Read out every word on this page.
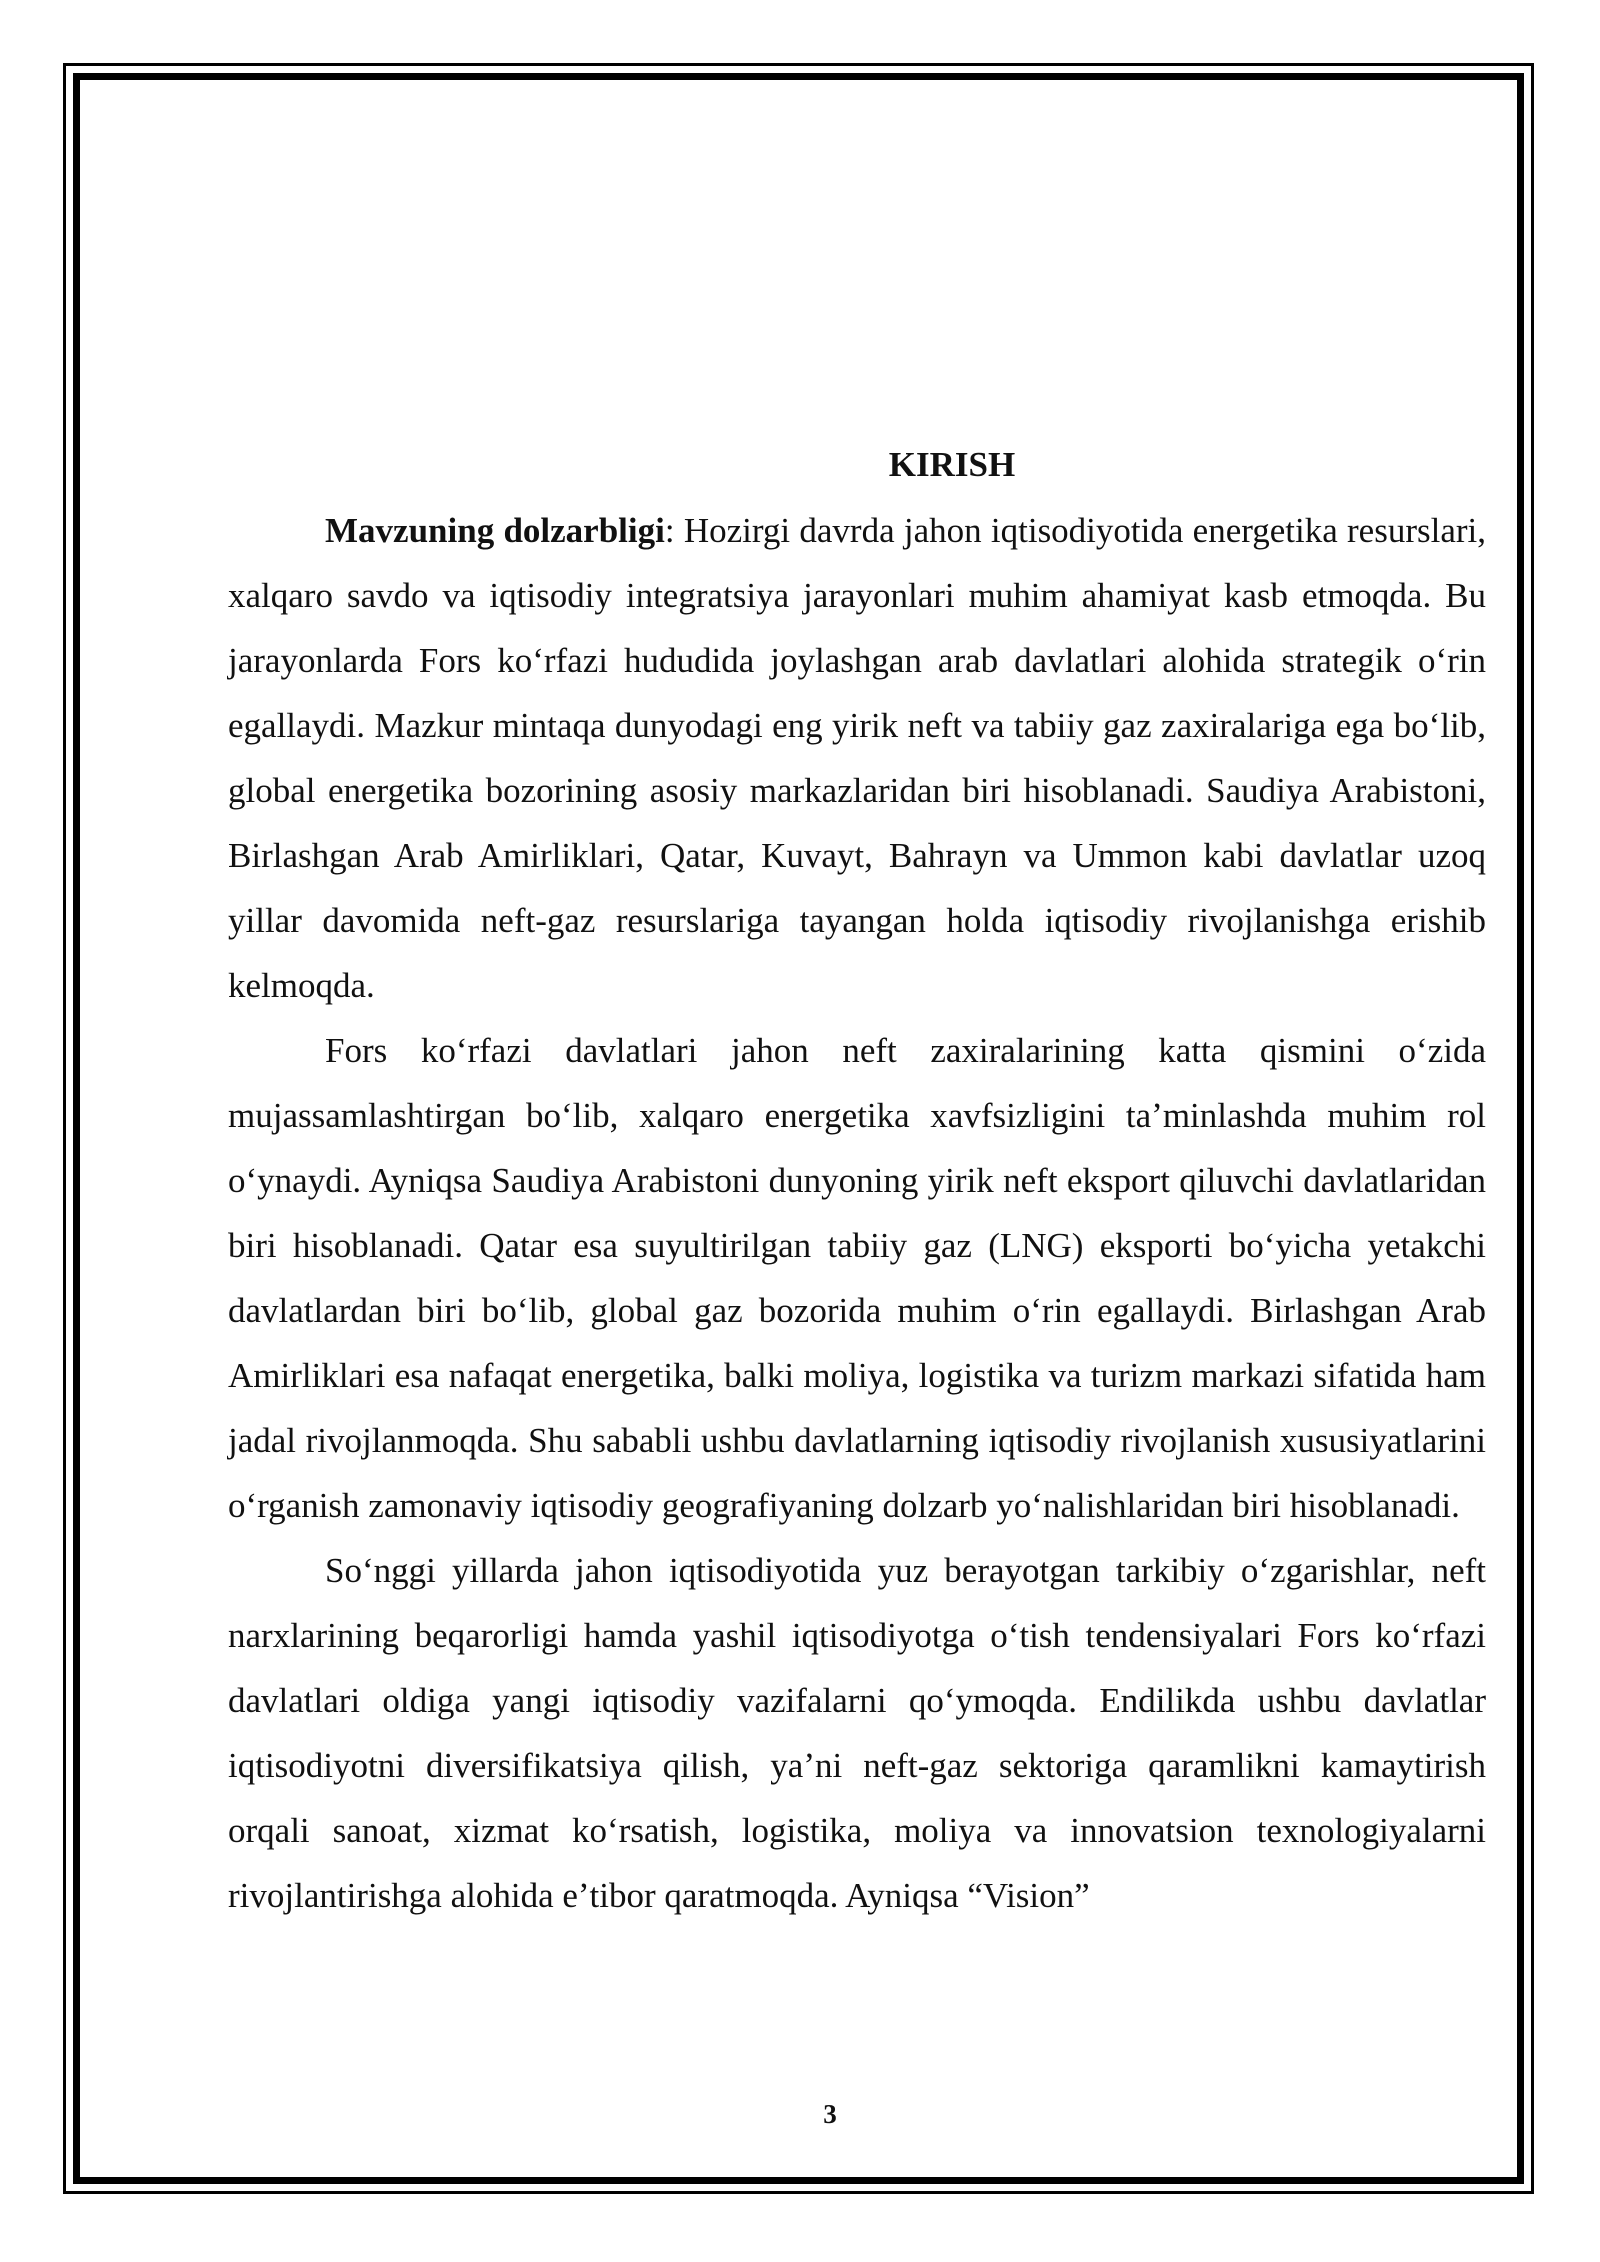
KIRISH

Mavzuning dolzarbligi: Hozirgi davrda jahon iqtisodiyotida energetika resurslari, xalqaro savdo va iqtisodiy integratsiya jarayonlari muhim ahamiyat kasb etmoqda. Bu jarayonlarda Fors koʻrfazi hududida joylashgan arab davlatlari alohida strategik oʻrin egallaydi. Mazkur mintaqa dunyodagi eng yirik neft va tabiiy gaz zaxiralariga ega boʻlib, global energetika bozorining asosiy markazlaridan biri hisoblanadi. Saudiya Arabistoni, Birlashgan Arab Amirliklari, Qatar, Kuvayt, Bahrayn va Ummon kabi davlatlar uzoq yillar davomida neft-gaz resurslariga tayangan holda iqtisodiy rivojlanishga erishib kelmoqda.

Fors koʻrfazi davlatlari jahon neft zaxiralarining katta qismini oʻzida mujassamlashtirgan boʻlib, xalqaro energetika xavfsizligini taʼminlashda muhim rol oʻynaydi. Ayniqsa Saudiya Arabistoni dunyoning yirik neft eksport qiluvchi davlatlaridan biri hisoblanadi. Qatar esa suyultirilgan tabiiy gaz (LNG) eksporti boʻyicha yetakchi davlatlardan biri boʻlib, global gaz bozorida muhim oʻrin egallaydi. Birlashgan Arab Amirliklari esa nafaqat energetika, balki moliya, logistika va turizm markazi sifatida ham jadal rivojlanmoqda. Shu sababli ushbu davlatlarning iqtisodiy rivojlanish xususiyatlarini oʻrganish zamonaviy iqtisodiy geografiyaning dolzarb yoʻnalishlaridan biri hisoblanadi.

Soʻnggi yillarda jahon iqtisodiyotida yuz berayotgan tarkibiy oʻzgarishlar, neft narxlarining beqarorligi hamda yashil iqtisodiyotga oʻtish tendensiyalari Fors koʻrfazi davlatlari oldiga yangi iqtisodiy vazifalarni qoʻymoqda. Endilikda ushbu davlatlar iqtisodiyotni diversifikatsiya qilish, yaʼni neft-gaz sektoriga qaramlikni kamaytirish orqali sanoat, xizmat koʻrsatish, logistika, moliya va innovatsion texnologiyalarni rivojlantirishga alohida eʼtibor qaratmoqda. Ayniqsa “Vision”

3
